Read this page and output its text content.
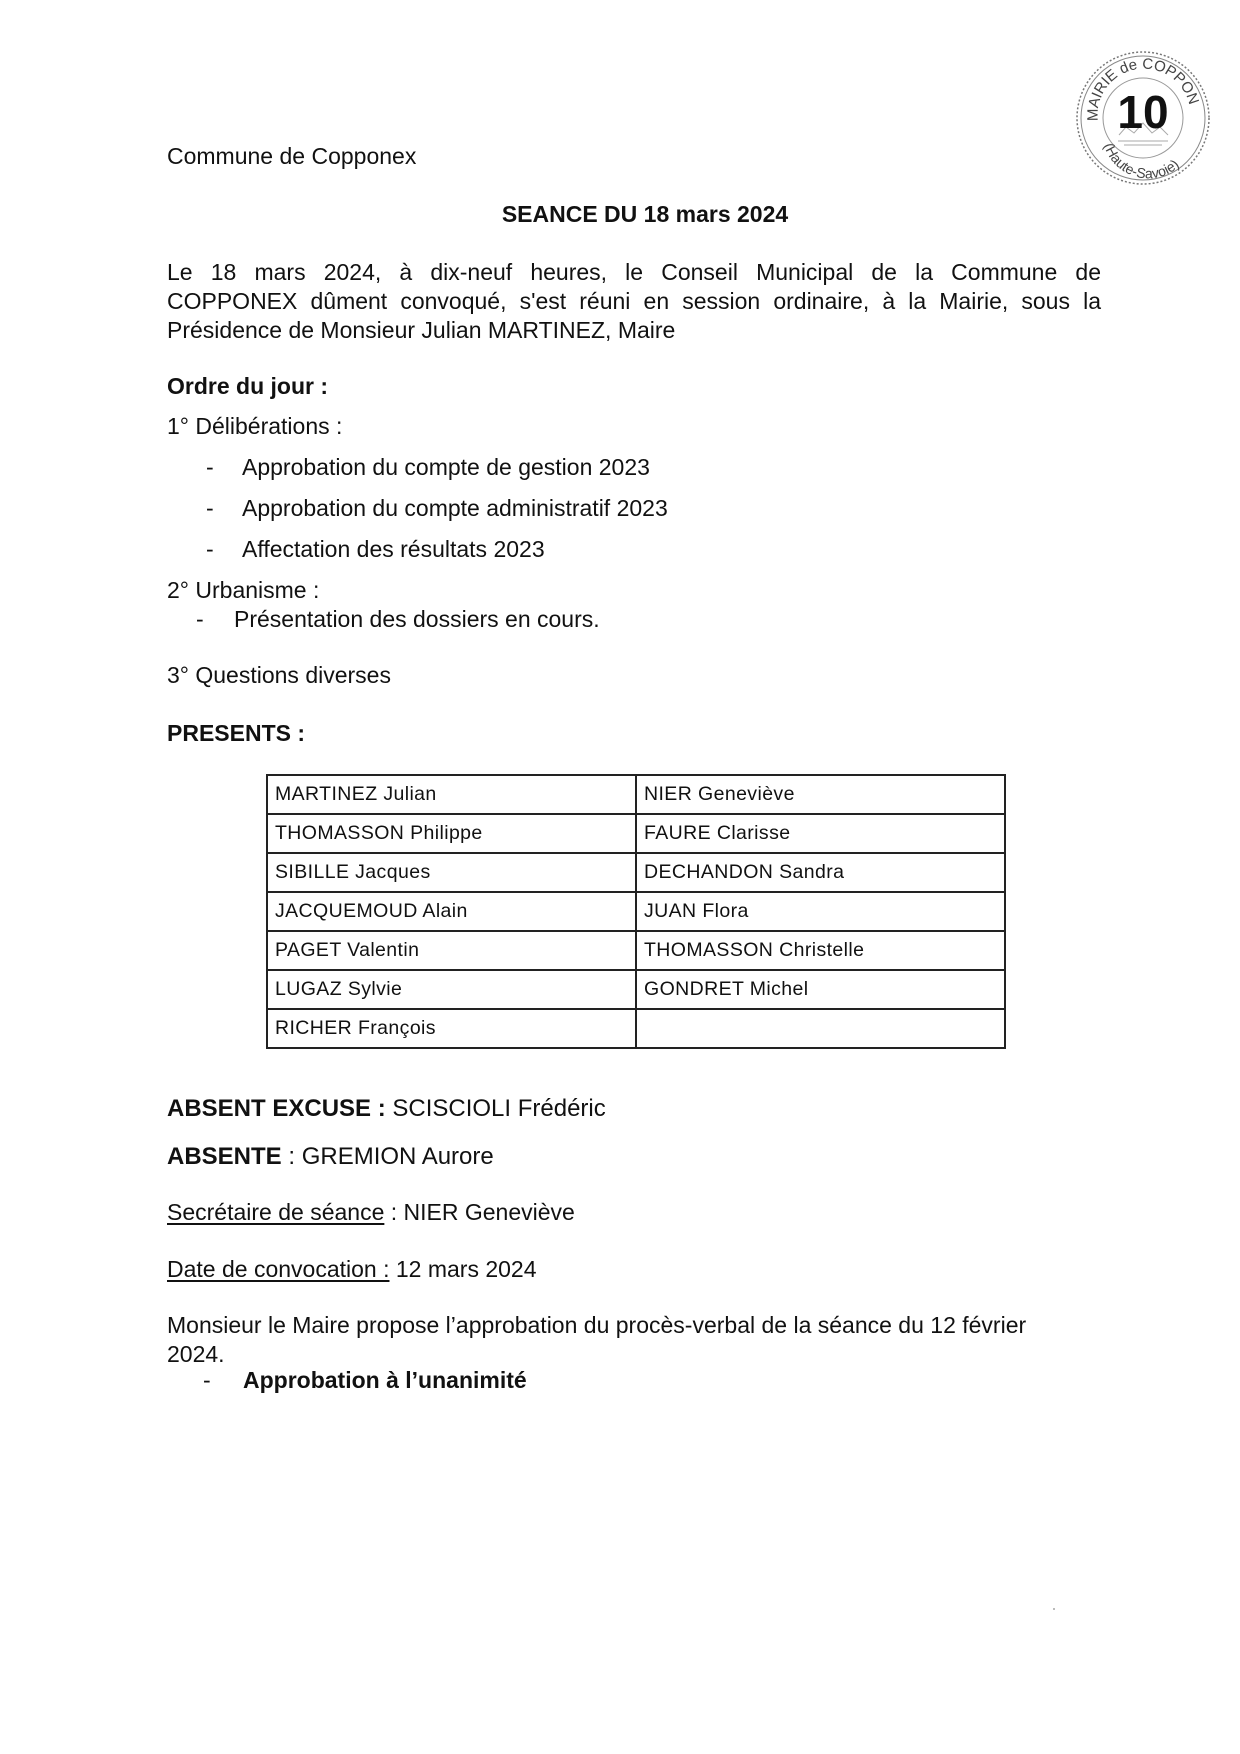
MAIRIE de COPPON
(Haute-Savoie)
10
Commune de Copponex
SEANCE DU 18 mars 2024
Le 18 mars 2024, à dix-neuf heures, le Conseil Municipal de la Commune de
COPPONEX dûment convoqué, s'est réuni en session ordinaire, à la Mairie, sous la
Présidence de Monsieur Julian MARTINEZ, Maire
Ordre du jour :
1° Délibérations :
- Approbation du compte de gestion 2023
- Approbation du compte administratif 2023
- Affectation des résultats 2023
2° Urbanisme :
- Présentation des dossiers en cours.
3° Questions diverses
PRESENTS :
MARTINEZ Julian	NIER Geneviève
THOMASSON Philippe	FAURE Clarisse
SIBILLE Jacques	DECHANDON Sandra
JACQUEMOUD Alain	JUAN Flora
PAGET Valentin	THOMASSON Christelle
LUGAZ Sylvie	GONDRET Michel
RICHER François	
ABSENT EXCUSE : SCISCIOLI Frédéric
ABSENTE : GREMION Aurore
Secrétaire de séance : NIER Geneviève
Date de convocation : 12 mars 2024
Monsieur le Maire propose l’approbation du procès-verbal de la séance du 12 février
2024.
- Approbation à l’unanimité
